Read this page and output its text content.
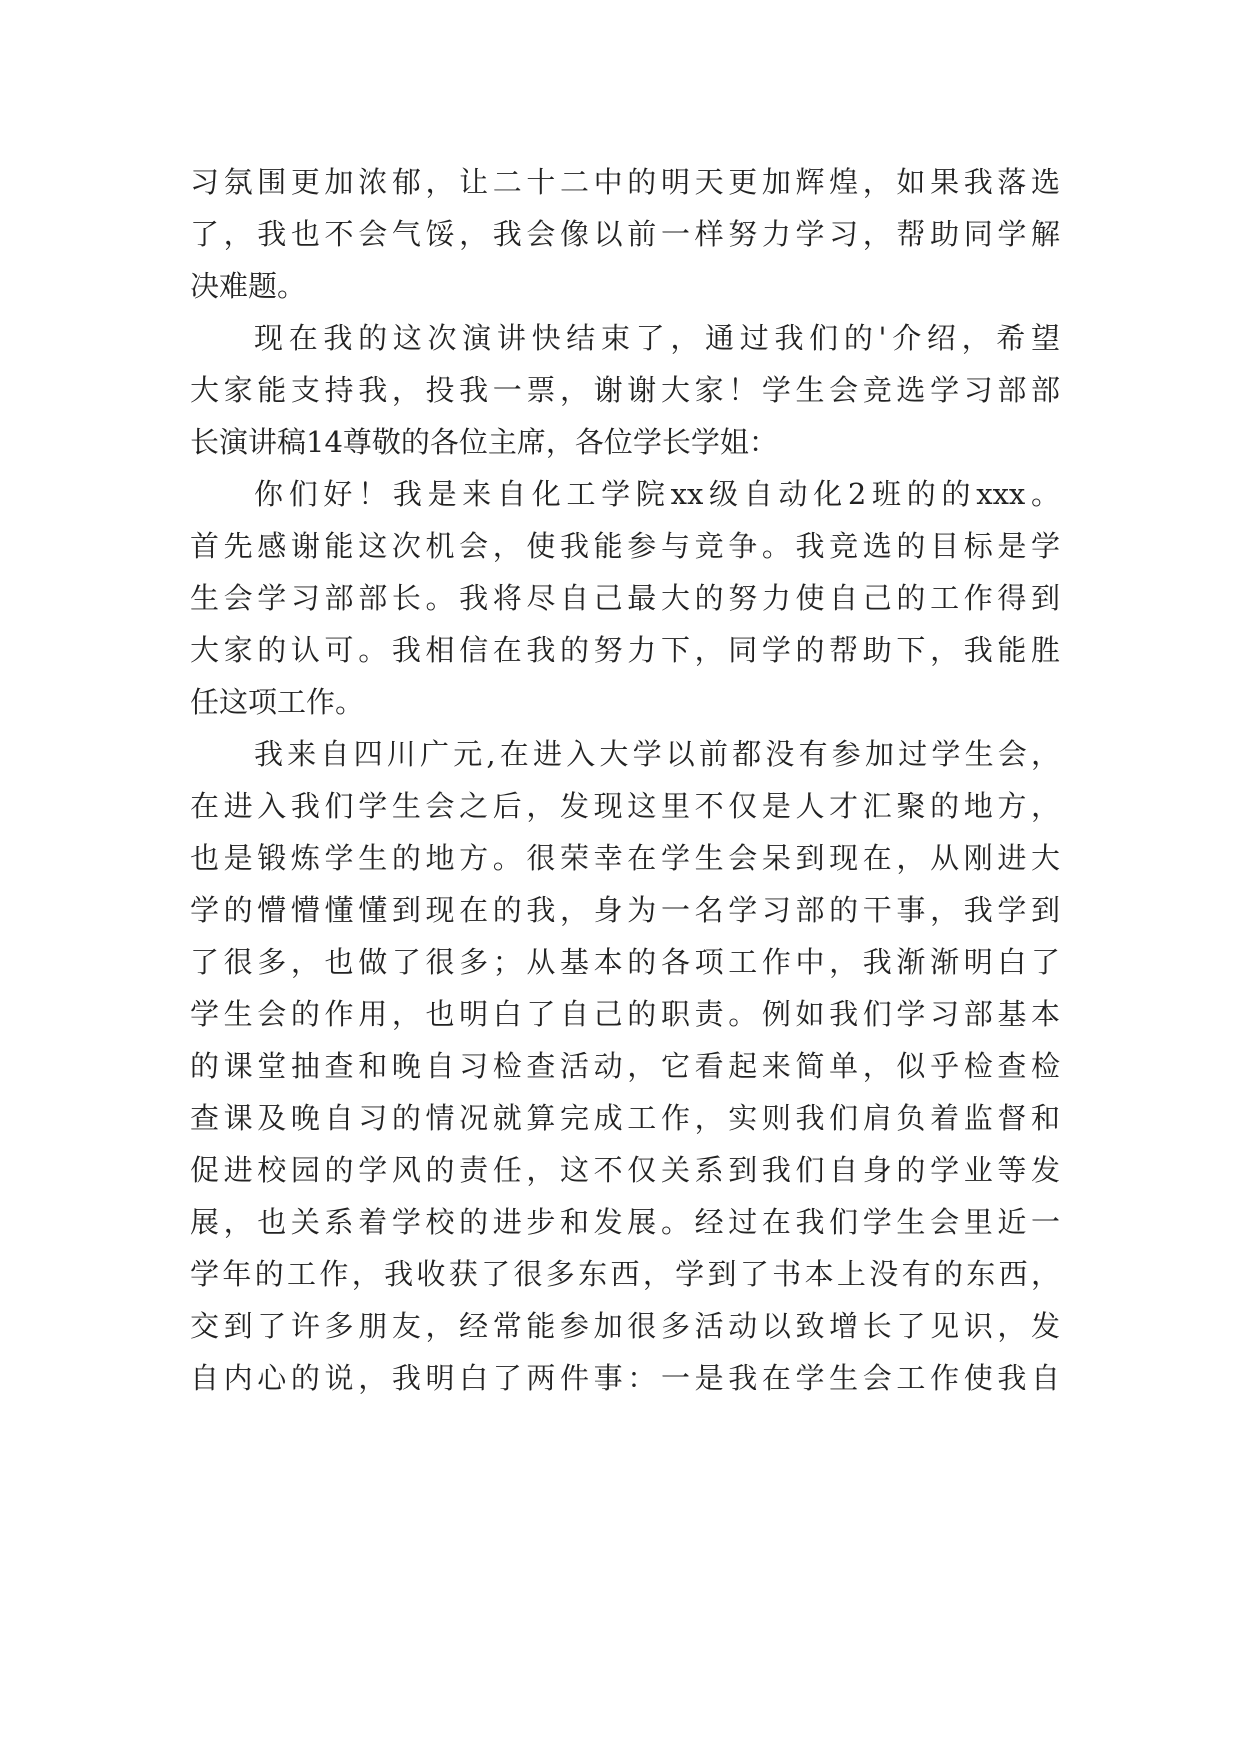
习氛围更加浓郁，让二十二中的明天更加辉煌，如果我落选
了，我也不会气馁，我会像以前一样努力学习，帮助同学解
决难题。
现在我的这次演讲快结束了，通过我们的'介绍，希望
大家能支持我，投我一票，谢谢大家！学生会竞选学习部部
长演讲稿14尊敬的各位主席，各位学长学姐：
你们好！我是来自化工学院xx级自动化2班的的xxx。
首先感谢能这次机会，使我能参与竞争。我竞选的目标是学
生会学习部部长。我将尽自己最大的努力使自己的工作得到
大家的认可。我相信在我的努力下，同学的帮助下，我能胜
任这项工作。
我来自四川广元,在进入大学以前都没有参加过学生会，
在进入我们学生会之后，发现这里不仅是人才汇聚的地方，
也是锻炼学生的地方。很荣幸在学生会呆到现在，从刚进大
学的懵懵懂懂到现在的我，身为一名学习部的干事，我学到
了很多，也做了很多；从基本的各项工作中，我渐渐明白了
学生会的作用，也明白了自己的职责。例如我们学习部基本
的课堂抽查和晚自习检查活动，它看起来简单，似乎检查检
查课及晚自习的情况就算完成工作，实则我们肩负着监督和
促进校园的学风的责任，这不仅关系到我们自身的学业等发
展，也关系着学校的进步和发展。经过在我们学生会里近一
学年的工作，我收获了很多东西，学到了书本上没有的东西，
交到了许多朋友，经常能参加很多活动以致增长了见识，发
自内心的说，我明白了两件事：一是我在学生会工作使我自
